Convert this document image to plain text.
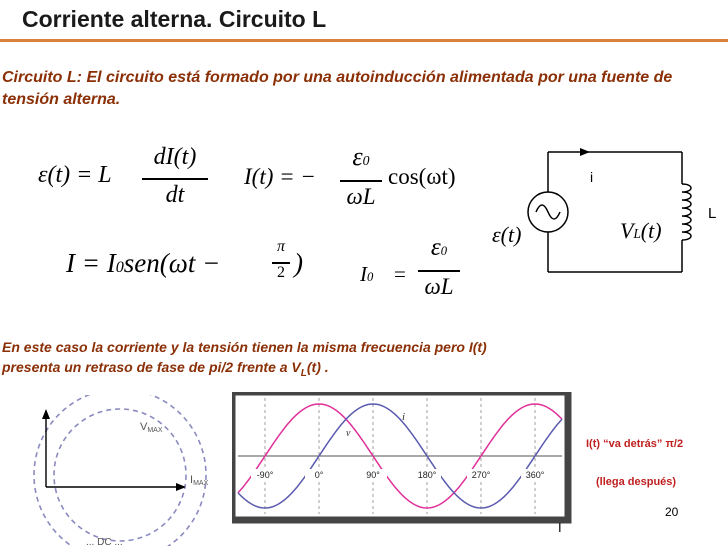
Corriente alterna. Circuito L
Circuito L: El circuito está formado por una autoinducción alimentada por una fuente de tensión alterna.
ε(t) = L
dI(t)
dt
I(t) = −
ε0
ωL
cos(ωt)
I = I0sen(ωt −
π
2 )	I0 =
ε0
ωL
i
L
ε(t)	VL(t)
En este caso la corriente y la tensión tienen la misma frecuencia pero I(t)
presenta un retraso de fase de pi/2 frente a $V_L(t)$ .
VMAX
IMAX
... DC ...
i
v
-90°	0°	90°	180°	270°	360°
I
I(t) “va detrás” π/2
(llega después)
20
